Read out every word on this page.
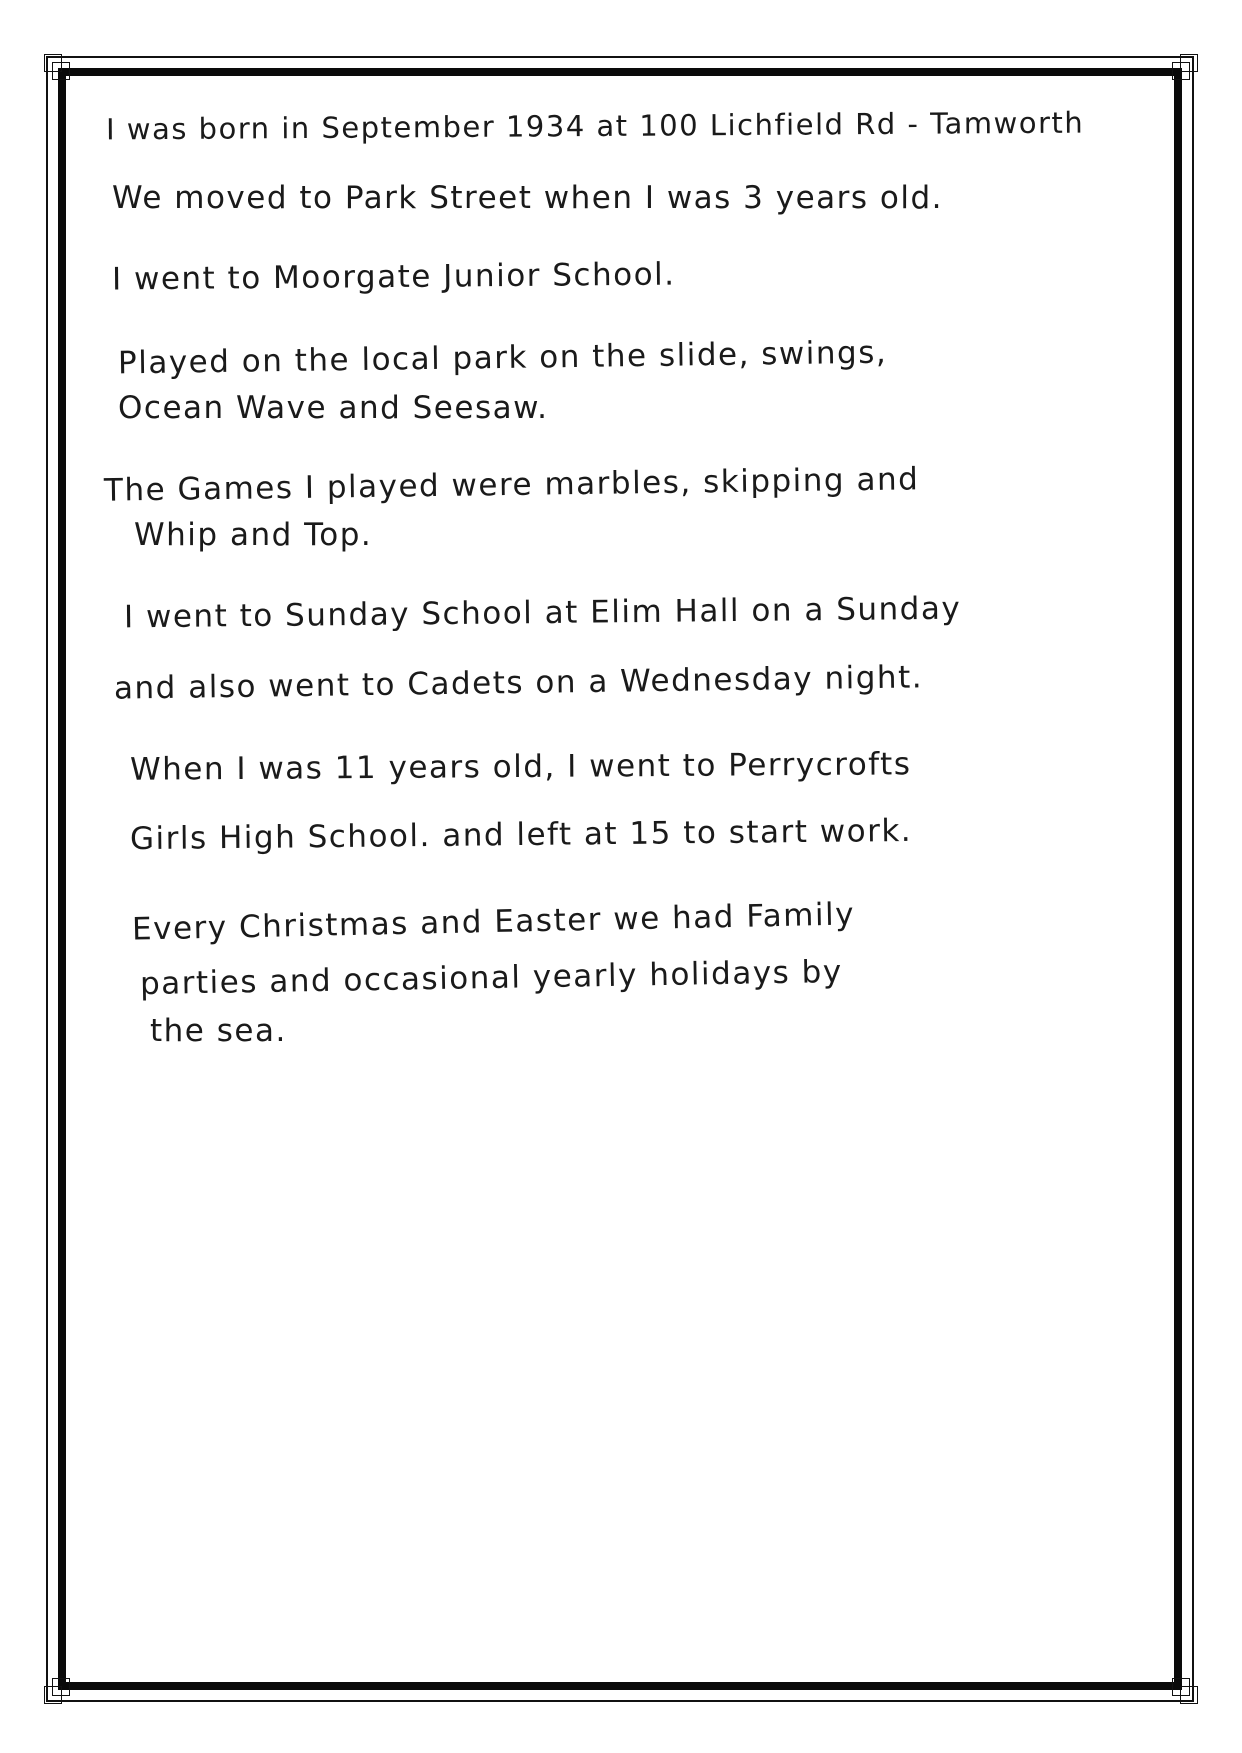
I was born in September 1934 at 100 Lichfield Rd - Tamworth
We moved to Park Street when I was 3 years old.
I went to Moorgate Junior School.
Played on the local park on the slide, swings,
Ocean Wave and Seesaw.
The Games I played were marbles, skipping and
Whip and Top.
I went to Sunday School at Elim Hall on a Sunday
and also went to Cadets on a Wednesday night.
When I was 11 years old, I went to Perrycrofts
Girls High School. and left at 15 to start work.
Every Christmas and Easter we had Family
parties and occasional yearly holidays by
the sea.
